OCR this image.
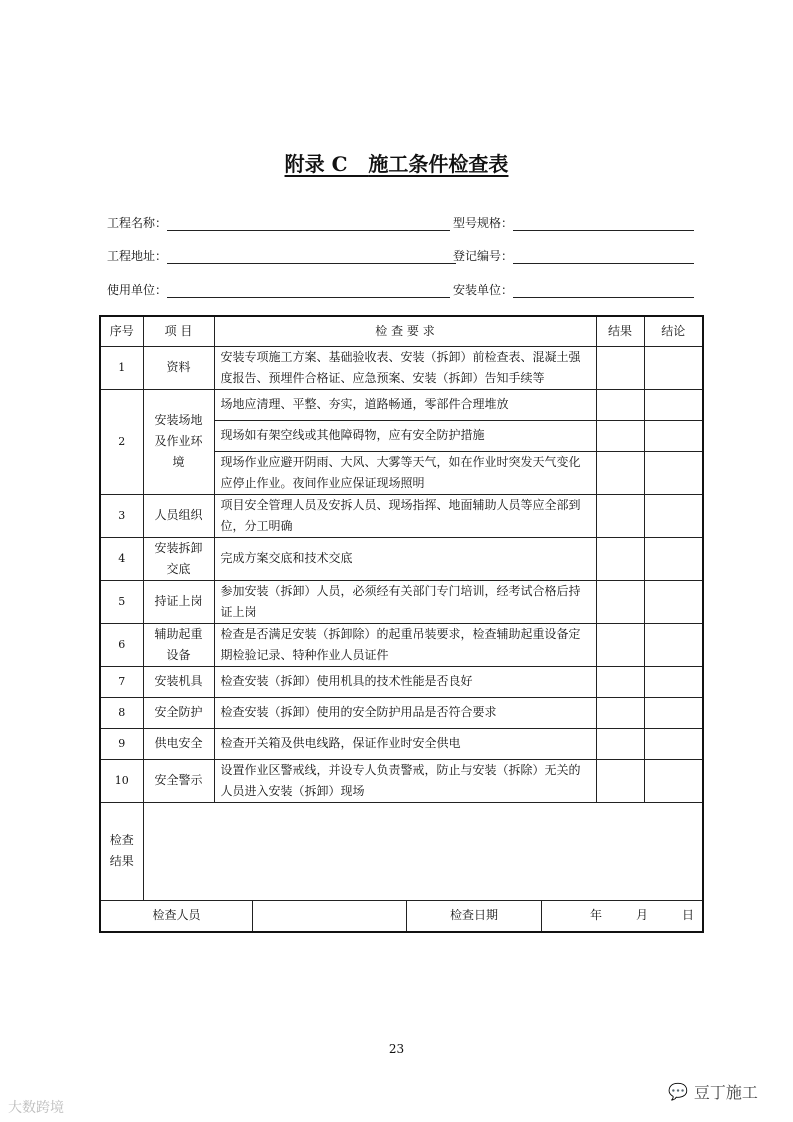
附录 C 施工条件检查表
工程名称：	型号规格：
工程地址：	登记编号：
使用单位：	安装单位：
序号	项 目	检 查 要 求	结果	结论
1	资料	安装专项施工方案、基础验收表、安装（拆卸）前检查表、混凝土强度报告、预埋件合格证、应急预案、安装（拆卸）告知手续等		
2	安装场地及作业环境	场地应清理、平整、夯实，道路畅通，零部件合理堆放		
		现场如有架空线或其他障碍物，应有安全防护措施		
		现场作业应避开阴雨、大风、大雾等天气，如在作业时突发天气变化应停止作业。夜间作业应保证现场照明		
3	人员组织	项目安全管理人员及安拆人员、现场指挥、地面辅助人员等应全部到位，分工明确		
4	安装拆卸交底	完成方案交底和技术交底		
5	持证上岗	参加安装（拆卸）人员，必须经有关部门专门培训，经考试合格后持证上岗		
6	辅助起重设备	检查是否满足安装（拆卸除）的起重吊装要求，检查辅助起重设备定期检验记录、特种作业人员证件		
7	安装机具	检查安装（拆卸）使用机具的技术性能是否良好		
8	安全防护	检查安装（拆卸）使用的安全防护用品是否符合要求		
9	供电安全	检查开关箱及供电线路，保证作业时安全供电		
10	安全警示	设置作业区警戒线，并设专人负责警戒，防止与安装（拆除）无关的人员进入安装（拆卸）现场		
检查结果				

检查人员 检查日期 年 月 日				
23
💬 豆丁施工
大数跨境
